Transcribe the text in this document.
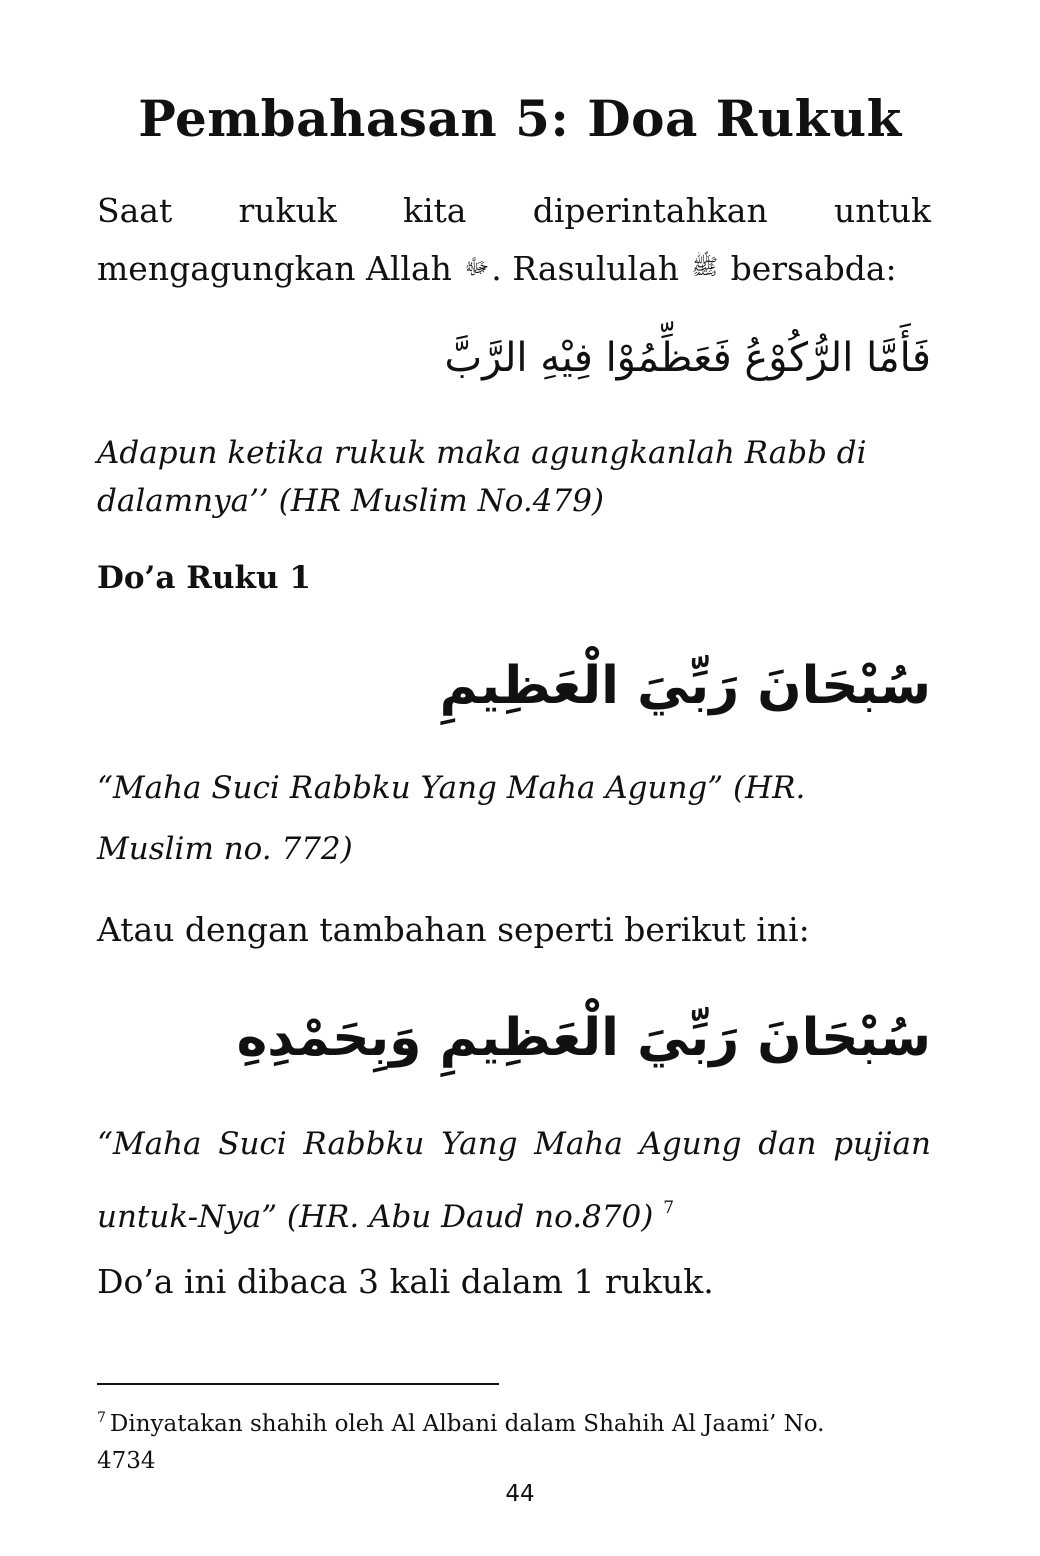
Pembahasan 5: Doa Rukuk

Saat rukuk kita diperintahkan untuk
mengagungkan Allah ﷻ. Rasululah ﷺ bersabda:

فَأَمَّا الرُّكُوْعُ فَعَظِّمُوْا فِيْهِ الرَّبَّ

Adapun ketika rukuk maka agungkanlah Rabb di
dalamnya’’ (HR Muslim No.479)

Do’a Ruku 1

سُبْحَانَ رَبِّيَ الْعَظِيمِ

“Maha Suci Rabbku Yang Maha Agung” (HR.
Muslim no. 772)

Atau dengan tambahan seperti berikut ini:

سُبْحَانَ رَبِّيَ الْعَظِيمِ وَبِحَمْدِهِ

“Maha Suci Rabbku Yang Maha Agung dan pujian
untuk-Nya” (HR. Abu Daud no.870) $^7$

Do’a ini dibaca 3 kali dalam 1 rukuk.

$^7$ Dinyatakan shahih oleh Al Albani dalam Shahih Al Jaami’ No.
4734

44
